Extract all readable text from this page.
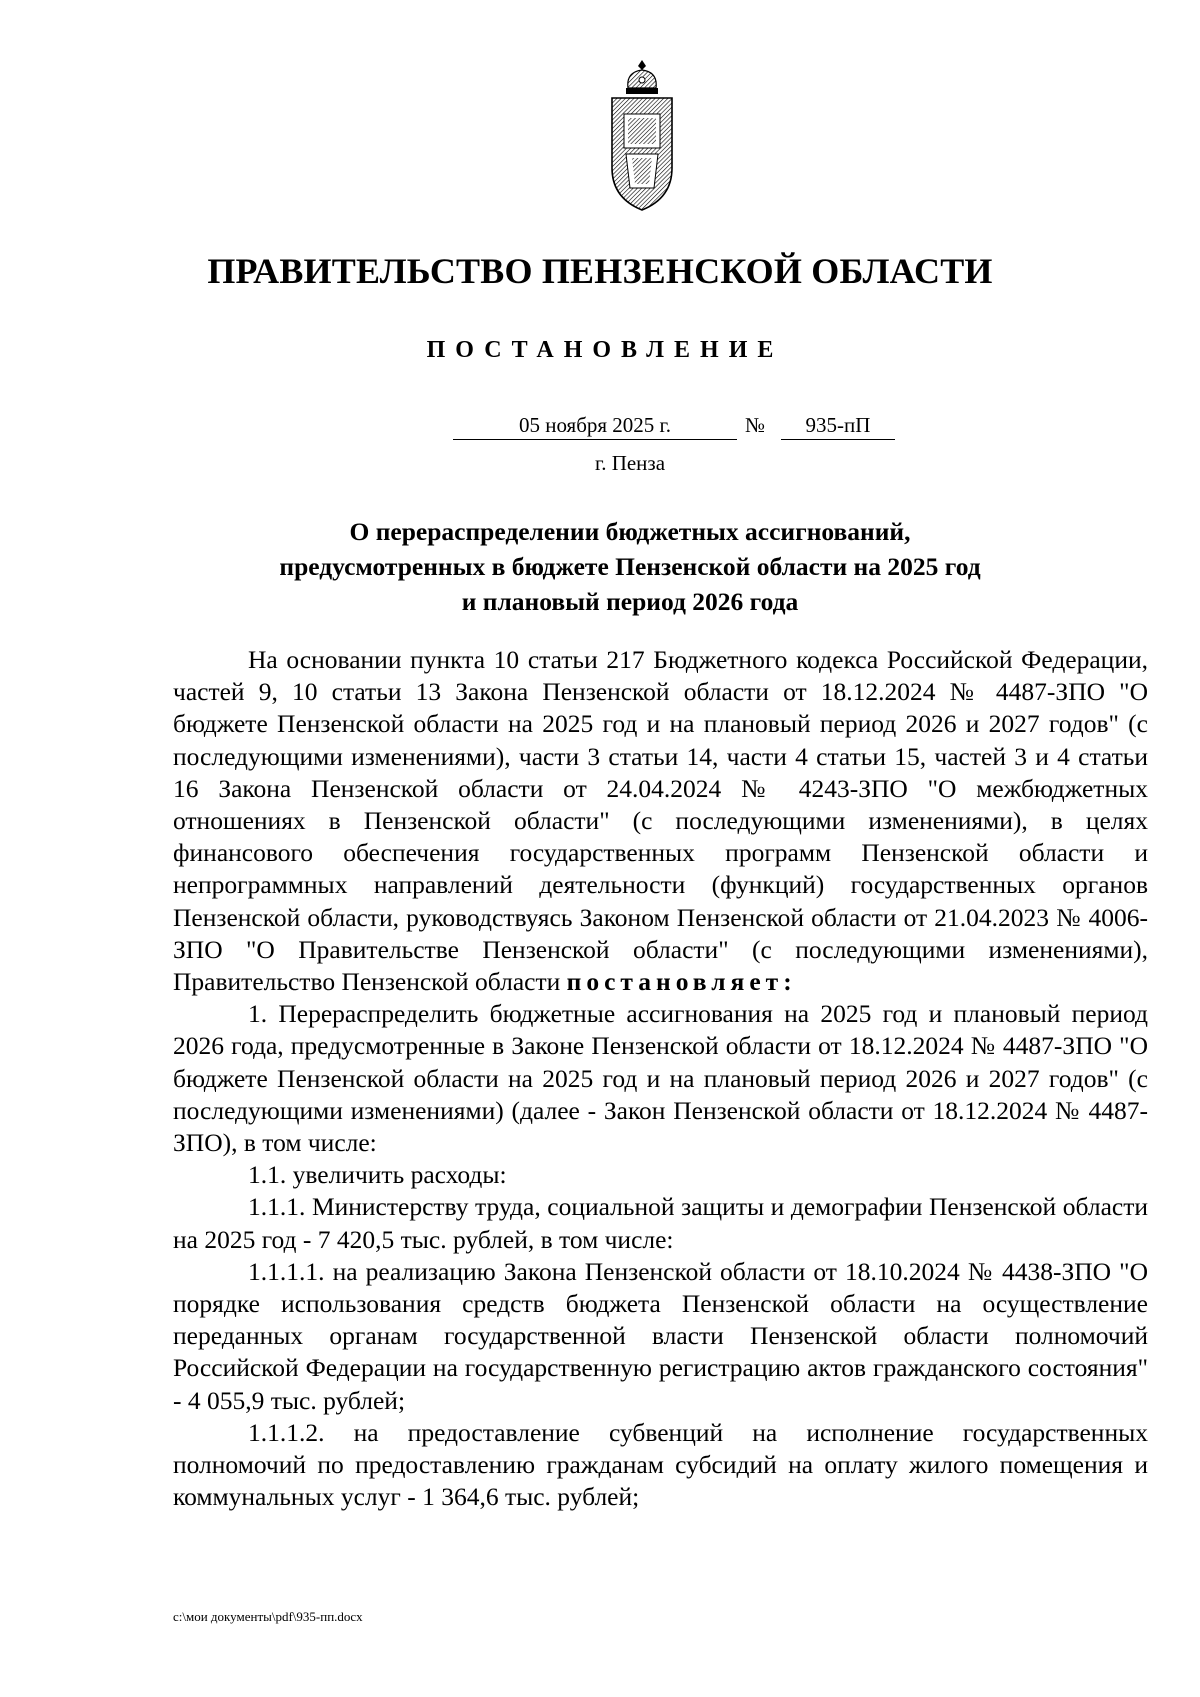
ПРАВИТЕЛЬСТВО ПЕНЗЕНСКОЙ ОБЛАСТИ
ПОСТАНОВЛЕНИЕ
05 ноября 2025 г.	№	935-пП
г. Пенза
О перераспределении бюджетных ассигнований,
предусмотренных в бюджете Пензенской области на 2025 год
и плановый период 2026 года

На основании пункта 10 статьи 217 Бюджетного кодекса Российской Федерации, частей 9, 10 статьи 13 Закона Пензенской области от 18.12.2024 № 4487-ЗПО "О бюджете Пензенской области на 2025 год и на плановый период 2026 и 2027 годов" (с последующими изменениями), части 3 статьи 14, части 4 статьи 15, частей 3 и 4 статьи 16 Закона Пензенской области от 24.04.2024 № 4243-ЗПО "О межбюджетных отношениях в Пензенской области" (с последующими изменениями), в целях финансового обеспечения государственных программ Пензенской области и непрограммных направлений деятельности (функций) государственных органов Пензенской области, руководствуясь Законом Пензенской области от 21.04.2023 № 4006-ЗПО "О Правительстве Пензенской области" (с последующими изменениями), Правительство Пензенской области постановляет:

1. Перераспределить бюджетные ассигнования на 2025 год и плановый период 2026 года, предусмотренные в Законе Пензенской области от 18.12.2024 № 4487-ЗПО "О бюджете Пензенской области на 2025 год и на плановый период 2026 и 2027 годов" (с последующими изменениями) (далее - Закон Пензенской области от 18.12.2024 № 4487-ЗПО), в том числе:

1.1. увеличить расходы:

1.1.1. Министерству труда, социальной защиты и демографии Пензенской области на 2025 год - 7 420,5 тыс. рублей, в том числе:

1.1.1.1. на реализацию Закона Пензенской области от 18.10.2024 № 4438-ЗПО "О порядке использования средств бюджета Пензенской области на осуществление переданных органам государственной власти Пензенской области полномочий Российской Федерации на государственную регистрацию актов гражданского состояния" - 4 055,9 тыс. рублей;

1.1.1.2. на предоставление субвенций на исполнение государственных полномочий по предоставлению гражданам субсидий на оплату жилого помещения и коммунальных услуг - 1 364,6 тыс. рублей;

c:\мои документы\pdf\935-пп.docx
